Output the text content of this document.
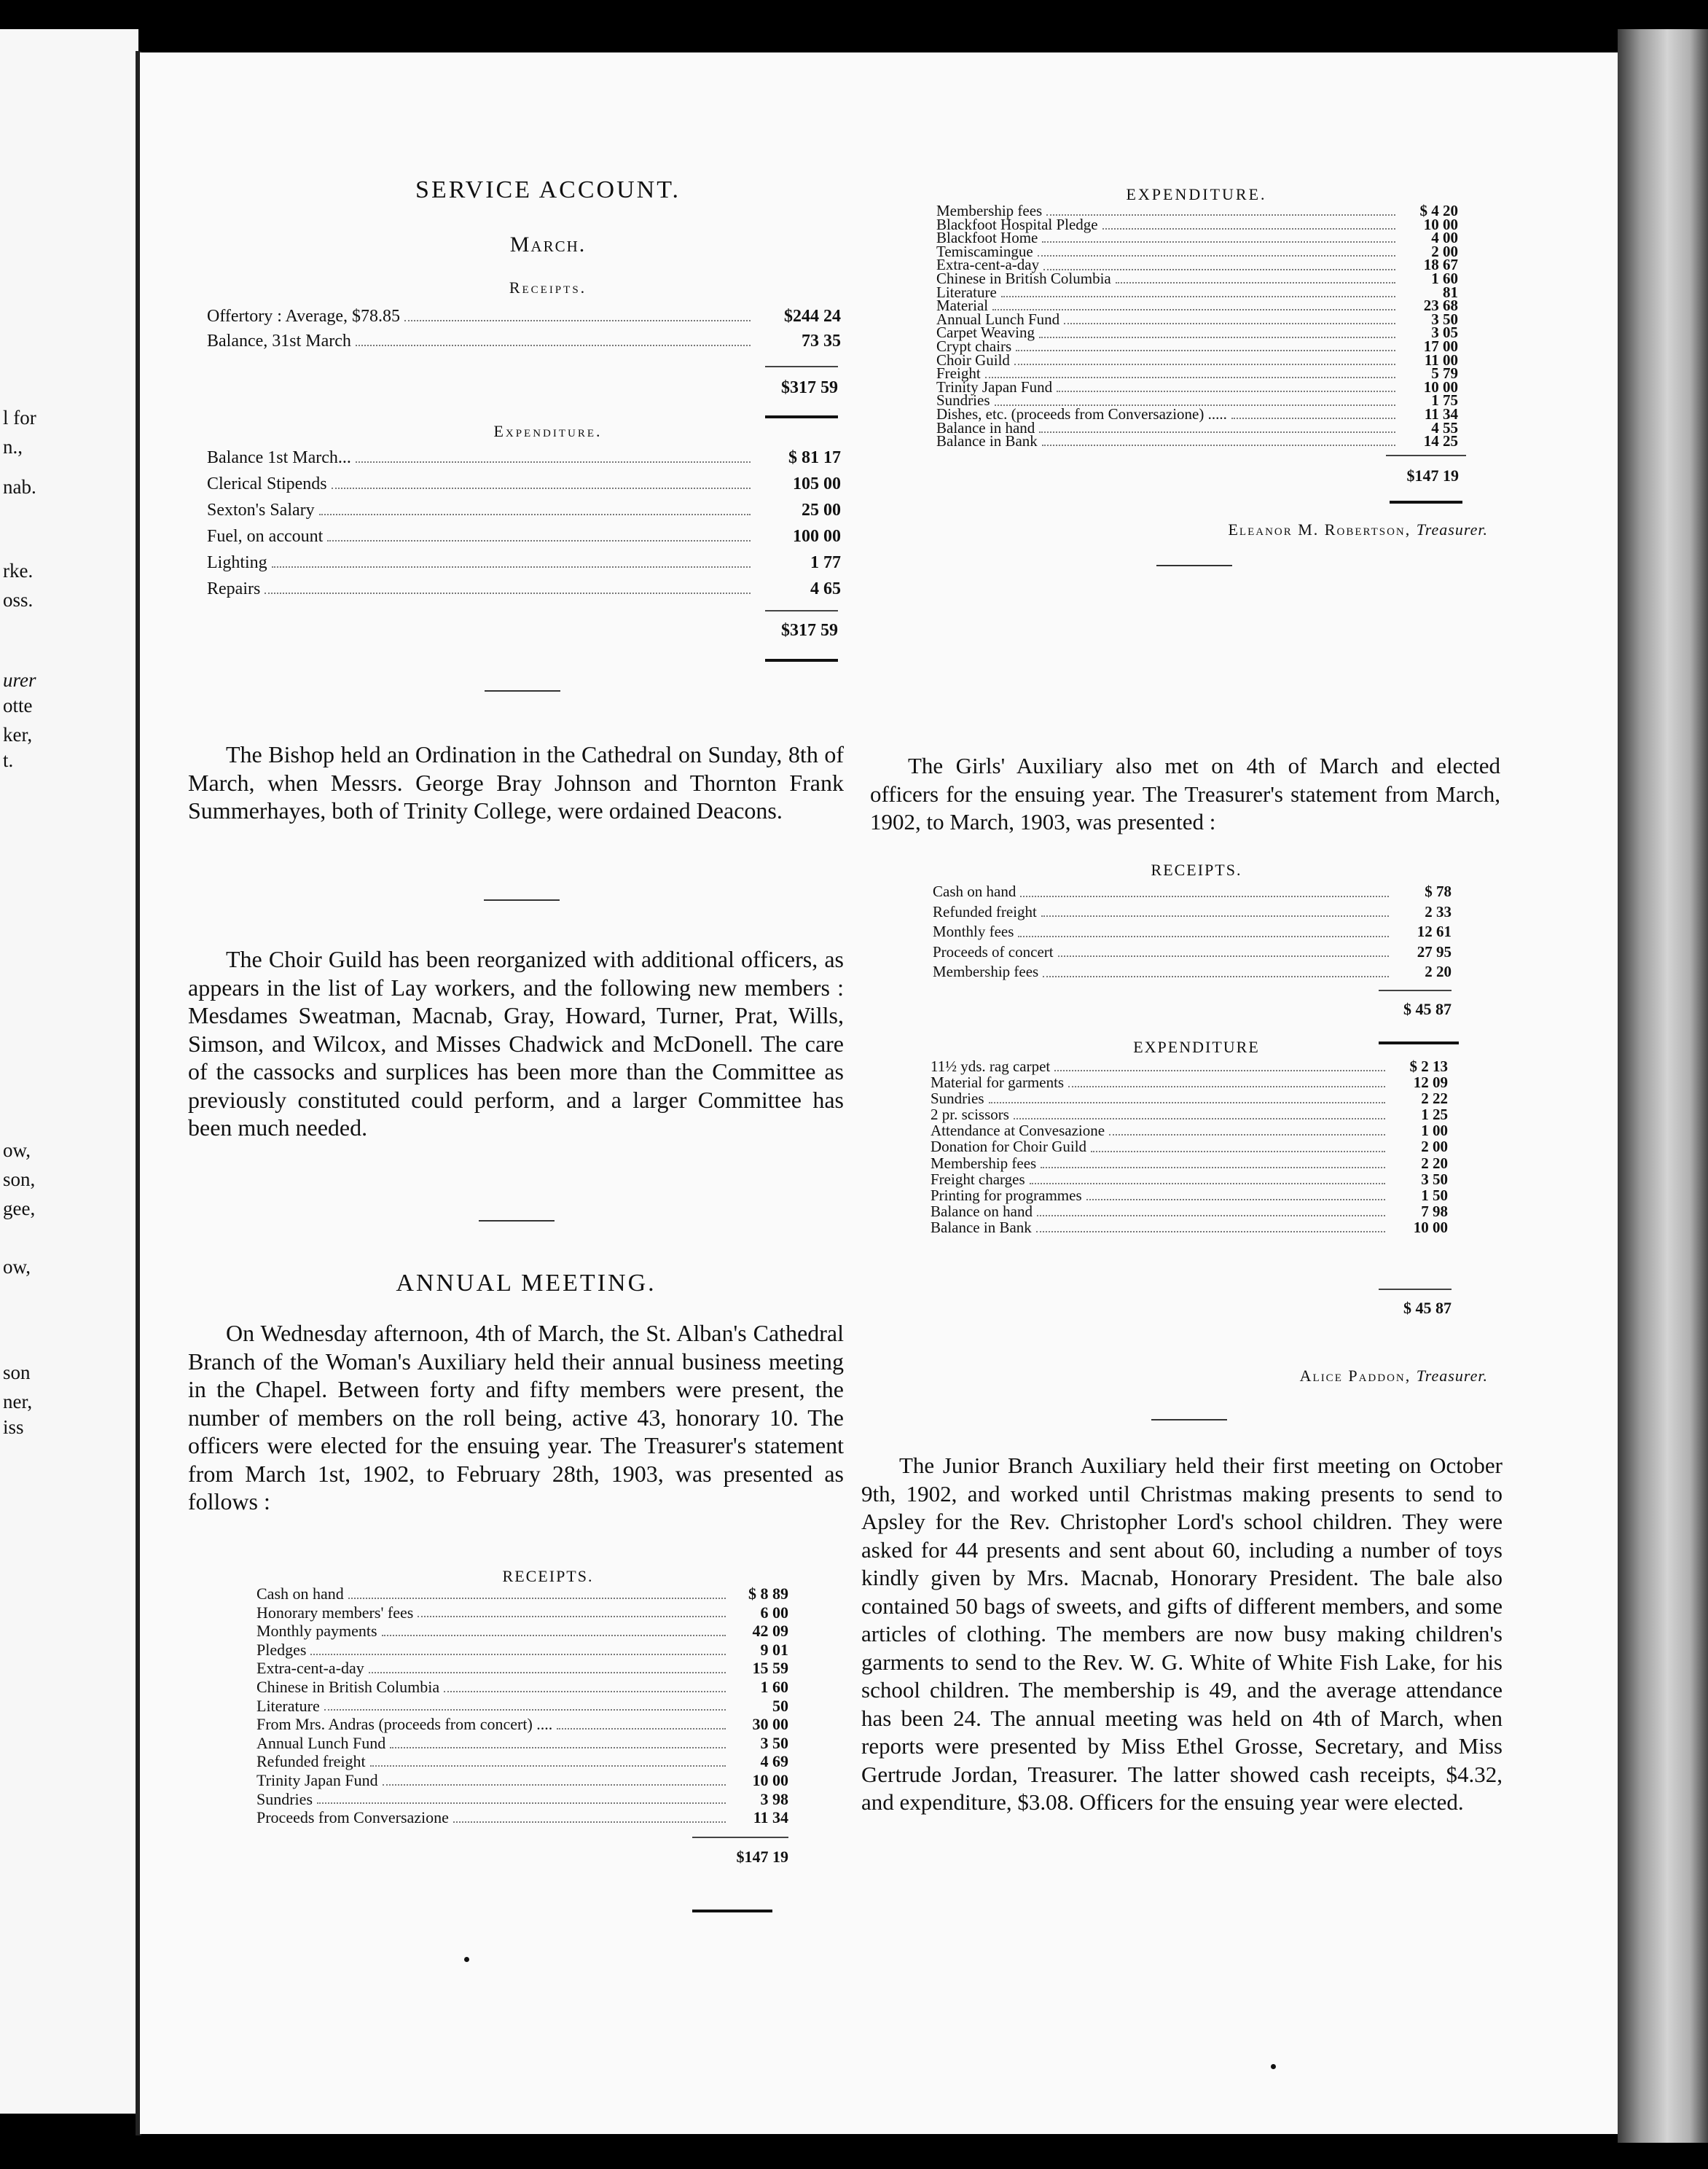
l for
n.,
nab.
rke.
oss.
urer
otte
ker,
t.
ow,
son,
gee,
ow,
son
ner,
iss
SERVICE ACCOUNT.
March.
Receipts.
Offertory : Average, $78.85	$244 24
Balance, 31st March	73 35
$317 59
Expenditure.
Balance 1st March...	$ 81 17
Clerical Stipends	105 00
Sexton's Salary	25 00
Fuel, on account	100 00
Lighting	1 77
Repairs	4 65
$317 59

The Bishop held an Ordination in the Cathedral on Sunday, 8th of March, when Messrs. George Bray Johnson and Thornton Frank Summerhayes, both of Trinity College, were ordained Deacons.

The Choir Guild has been reorganized with additional officers, as appears in the list of Lay workers, and the following new members : Mesdames Sweatman, Macnab, Gray, Howard, Turner, Prat, Wills, Simson, and Wilcox, and Misses Chadwick and McDonell. The care of the cassocks and surplices has been more than the Committee as previously constituted could perform, and a larger Committee has been much needed.

ANNUAL MEETING.

On Wednesday afternoon, 4th of March, the St. Alban's Cathedral Branch of the Woman's Auxiliary held their annual business meeting in the Chapel. Between forty and fifty members were present, the number of members on the roll being, active 43, honorary 10. The officers were elected for the ensuing year. The Treasurer's statement from March 1st, 1902, to February 28th, 1903, was presented as follows :

RECEIPTS.
Cash on hand	$ 8 89
Honorary members' fees	6 00
Monthly payments	42 09
Pledges	9 01
Extra-cent-a-day	15 59
Chinese in British Columbia	1 60
Literature	50
From Mrs. Andras (proceeds from concert) ....	30 00
Annual Lunch Fund	3 50
Refunded freight	4 69
Trinity Japan Fund	10 00
Sundries	3 98
Proceeds from Conversazione	11 34
$147 19
EXPENDITURE.
Membership fees	$ 4 20
Blackfoot Hospital Pledge	10 00
Blackfoot Home	4 00
Temiscamingue	2 00
Extra-cent-a-day	18 67
Chinese in British Columbia	1 60
Literature	81
Material	23 68
Annual Lunch Fund	3 50
Carpet Weaving	3 05
Crypt chairs	17 00
Choir Guild	11 00
Freight	5 79
Trinity Japan Fund	10 00
Sundries	1 75
Dishes, etc. (proceeds from Conversazione) .....	11 34
Balance in hand	4 55
Balance in Bank	14 25
$147 19
Eleanor M. Robertson, Treasurer.

The Girls' Auxiliary also met on 4th of March and elected officers for the ensuing year. The Treasurer's statement from March, 1902, to March, 1903, was presented :

RECEIPTS.
Cash on hand	$ 78
Refunded freight	2 33
Monthly fees	12 61
Proceeds of concert	27 95
Membership fees	2 20
$ 45 87
EXPENDITURE
11½ yds. rag carpet	$ 2 13
Material for garments	12 09
Sundries	2 22
2 pr. scissors	1 25
Attendance at Convesazione	1 00
Donation for Choir Guild	2 00
Membership fees	2 20
Freight charges	3 50
Printing for programmes	1 50
Balance on hand	7 98
Balance in Bank	10 00
$ 45 87
Alice Paddon, Treasurer.

The Junior Branch Auxiliary held their first meeting on October 9th, 1902, and worked until Christmas making presents to send to Apsley for the Rev. Christopher Lord's school children. They were asked for 44 presents and sent about 60, including a number of toys kindly given by Mrs. Macnab, Honorary President. The bale also contained 50 bags of sweets, and gifts of different members, and some articles of clothing. The members are now busy making children's garments to send to the Rev. W. G. White of White Fish Lake, for his school children. The membership is 49, and the average attendance has been 24. The annual meeting was held on 4th of March, when reports were presented by Miss Ethel Grosse, Secretary, and Miss Gertrude Jordan, Treasurer. The latter showed cash receipts, $4.32, and expenditure, $3.08. Officers for the ensuing year were elected.
